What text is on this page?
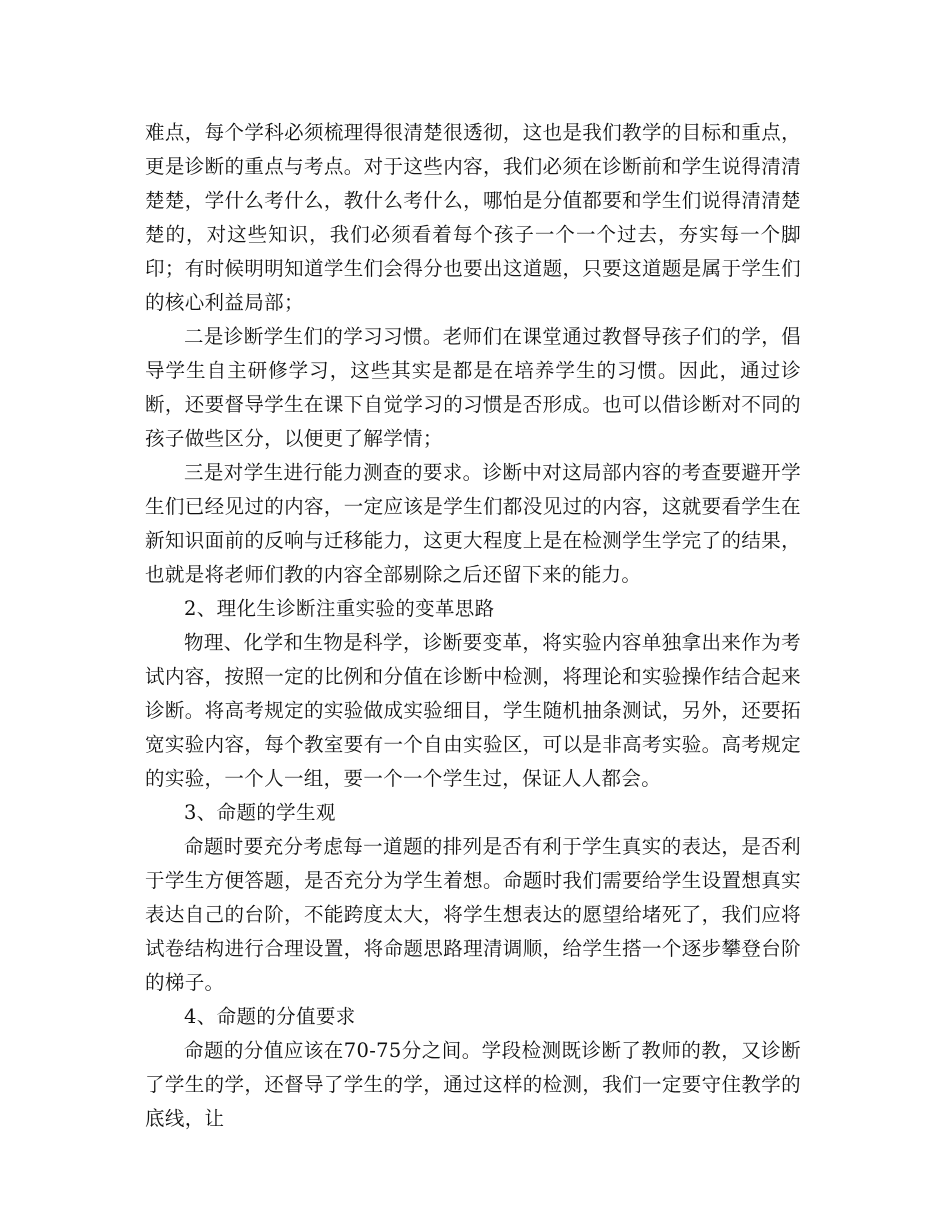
难点，每个学科必须梳理得很清楚很透彻，这也是我们教学的目标和重点，更是诊断的重点与考点。对于这些内容，我们必须在诊断前和学生说得清清楚楚，学什么考什么，教什么考什么，哪怕是分值都要和学生们说得清清楚楚的，对这些知识，我们必须看着每个孩子一个一个过去，夯实每一个脚印；有时候明明知道学生们会得分也要出这道题，只要这道题是属于学生们的核心利益局部；

二是诊断学生们的学习习惯。老师们在课堂通过教督导孩子们的学，倡导学生自主研修学习，这些其实是都是在培养学生的习惯。因此，通过诊断，还要督导学生在课下自觉学习的习惯是否形成。也可以借诊断对不同的孩子做些区分，以便更了解学情；

三是对学生进行能力测查的要求。诊断中对这局部内容的考查要避开学生们已经见过的内容，一定应该是学生们都没见过的内容，这就要看学生在新知识面前的反响与迁移能力，这更大程度上是在检测学生学完了的结果，也就是将老师们教的内容全部剔除之后还留下来的能力。

2、理化生诊断注重实验的变革思路

物理、化学和生物是科学，诊断要变革，将实验内容单独拿出来作为考试内容，按照一定的比例和分值在诊断中检测，将理论和实验操作结合起来诊断。将高考规定的实验做成实验细目，学生随机抽条测试，另外，还要拓宽实验内容，每个教室要有一个自由实验区，可以是非高考实验。高考规定的实验，一个人一组，要一个一个学生过，保证人人都会。

3、命题的学生观

命题时要充分考虑每一道题的排列是否有利于学生真实的表达，是否利于学生方便答题，是否充分为学生着想。命题时我们需要给学生设置想真实表达自己的台阶，不能跨度太大，将学生想表达的愿望给堵死了，我们应将试卷结构进行合理设置，将命题思路理清调顺，给学生搭一个逐步攀登台阶的梯子。

4、命题的分值要求

命题的分值应该在70-75分之间。学段检测既诊断了教师的教，又诊断了学生的学，还督导了学生的学，通过这样的检测，我们一定要守住教学的底线，让
